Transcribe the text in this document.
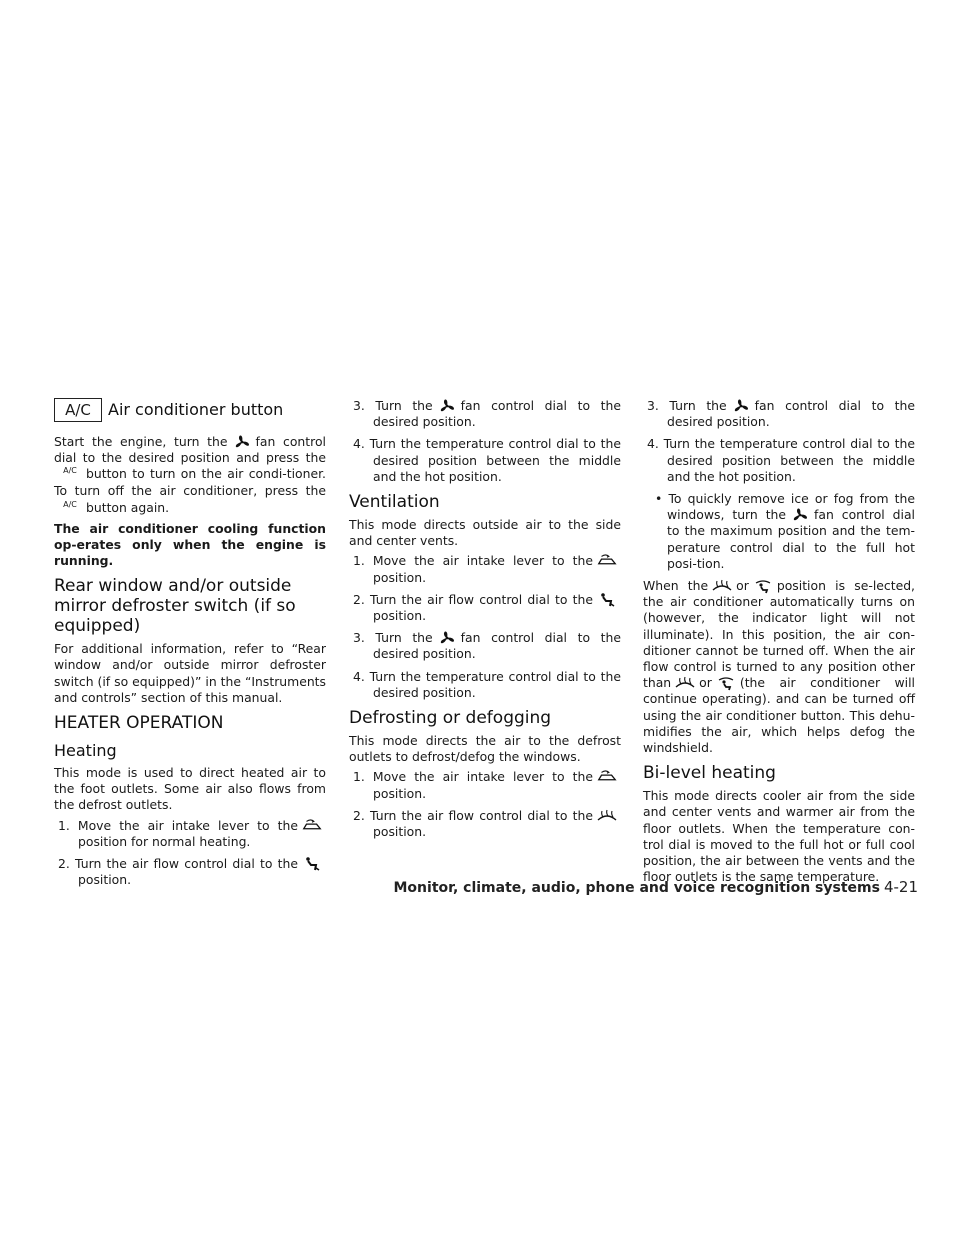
A/C Air conditioner button

Start the engine, turn the fan control dial to the desired position and press theA/C button to turn on the air condi-tioner. To turn off the air conditioner, press theA/C button again.

The air conditioner cooling function op-erates only when the engine is running.

Rear window and/or outside mirror defroster switch (if so equipped)

For additional information, refer to “Rear window and/or outside mirror defroster switch (if so equipped)” in the “Instruments and controls” section of this manual.

HEATER OPERATION
Heating

This mode is used to direct heated air to the foot outlets. Some air also flows from the defrost outlets.

1. Move the air intake lever to the
position for normal heating.

2. Turn the air flow control dial to the
position.

3. Turn the fan control dial to the desired position.

4. Turn the temperature control dial to the desired position between the middle and the hot position.

Ventilation

This mode directs outside air to the side and center vents.

1. Move the air intake lever to the
position.

2. Turn the air flow control dial to the
position.

3. Turn the fan control dial to the desired position.

4. Turn the temperature control dial to the desired position.

Defrosting or defogging

This mode directs the air to the defrost outlets to defrost/defog the windows.

1. Move the air intake lever to the
position.

2. Turn the air flow control dial to the
position.

3. Turn the fan control dial to the desired position.

4. Turn the temperature control dial to the desired position between the middle and the hot position.

• To quickly remove ice or fog from the windows, turn the fan control dial to the maximum position and the tem-perature control dial to the full hot posi-tion.

When the or position is se-lected, the air conditioner automatically turns on (however, the indicator light will not illuminate). In this position, the air con-ditioner cannot be turned off. When the air flow control is turned to any position other than or (the air conditioner will continue operating). and can be turned off using the air conditioner button. This dehu-midifies the air, which helps defog the windshield.

Bi-level heating

This mode directs cooler air from the side and center vents and warmer air from the floor outlets. When the temperature con-trol dial is moved to the full hot or full cool position, the air between the vents and the floor outlets is the same temperature.

Monitor, climate, audio, phone and voice recognition systems 4-21
